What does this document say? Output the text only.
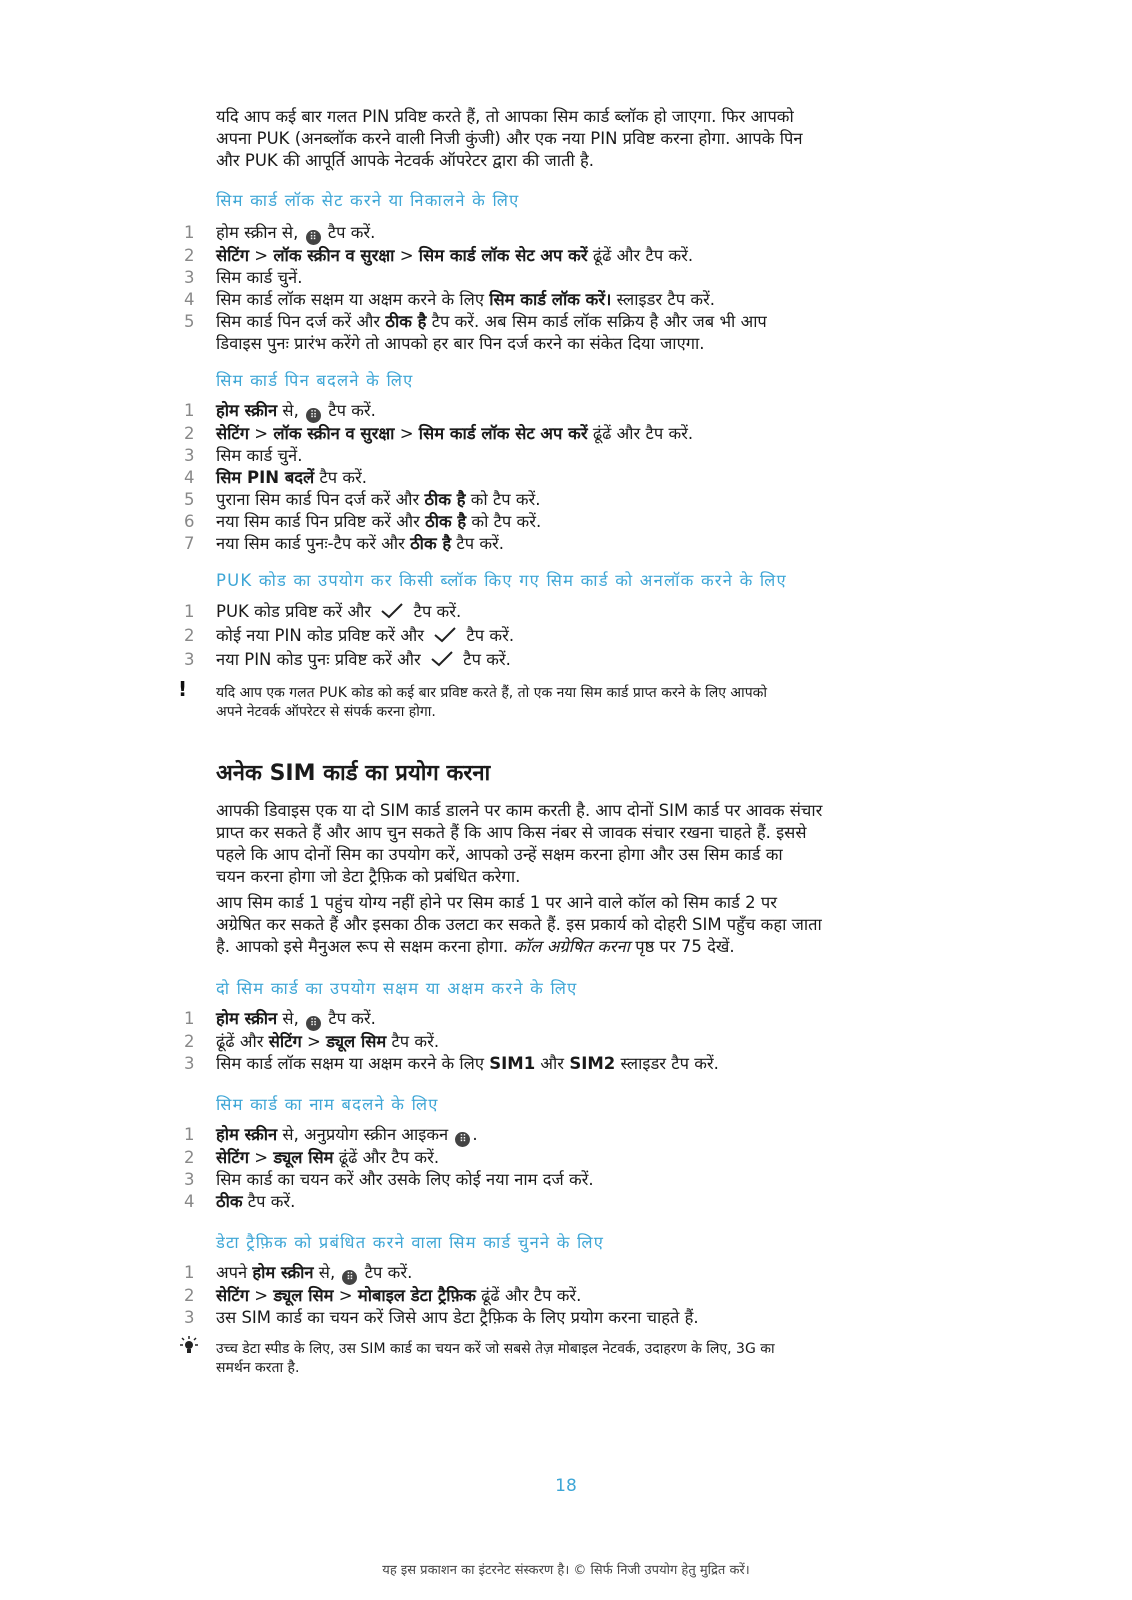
यदि आप कई बार गलत PIN प्रविष्ट करते हैं, तो आपका सिम कार्ड ब्लॉक हो जाएगा. फिर आपको

अपना PUK (अनब्लॉक करने वाली निजी कुंजी) और एक नया PIN प्रविष्ट करना होगा. आपके पिन

और PUK की आपूर्ति आपके नेटवर्क ऑपरेटर द्वारा की जाती है.

सिम कार्ड लॉक सेट करने या निकालने के लिए
1	होम स्क्रीन से, ⠿ टैप करें.
2	सेटिंग > लॉक स्क्रीन व सुरक्षा > सिम कार्ड लॉक सेट अप करें ढूंढें और टैप करें.
3	सिम कार्ड चुनें.
4	सिम कार्ड लॉक सक्षम या अक्षम करने के लिए सिम कार्ड लॉक करें। स्लाइडर टैप करें.
5	सिम कार्ड पिन दर्ज करें और ठीक है टैप करें. अब सिम कार्ड लॉक सक्रिय है और जब भी आप
डिवाइस पुनः प्रारंभ करेंगे तो आपको हर बार पिन दर्ज करने का संकेत दिया जाएगा.
सिम कार्ड पिन बदलने के लिए
1	होम स्क्रीन से, ⠿ टैप करें.
2	सेटिंग > लॉक स्क्रीन व सुरक्षा > सिम कार्ड लॉक सेट अप करें ढूंढें और टैप करें.
3	सिम कार्ड चुनें.
4	सिम PIN बदलें टैप करें.
5	पुराना सिम कार्ड पिन दर्ज करें और ठीक है को टैप करें.
6	नया सिम कार्ड पिन प्रविष्ट करें और ठीक है को टैप करें.
7	नया सिम कार्ड पुनः-टैप करें और ठीक है टैप करें.
PUK कोड का उपयोग कर किसी ब्लॉक किए गए सिम कार्ड को अनलॉक करने के लिए
1	PUK कोड प्रविष्ट करें और	टैप करें.
2	कोई नया PIN कोड प्रविष्ट करें और	टैप करें.
3	नया PIN कोड पुनः प्रविष्ट करें और	टैप करें.
! यदि आप एक गलत PUK कोड को कई बार प्रविष्ट करते हैं, तो एक नया सिम कार्ड प्राप्त करने के लिए आपको
अपने नेटवर्क ऑपरेटर से संपर्क करना होगा.
अनेक SIM कार्ड का प्रयोग करना

आपकी डिवाइस एक या दो SIM कार्ड डालने पर काम करती है. आप दोनों SIM कार्ड पर आवक संचार

प्राप्त कर सकते हैं और आप चुन सकते हैं कि आप किस नंबर से जावक संचार रखना चाहते हैं. इससे

पहले कि आप दोनों सिम का उपयोग करें, आपको उन्हें सक्षम करना होगा और उस सिम कार्ड का

चयन करना होगा जो डेटा ट्रैफ़िक को प्रबंधित करेगा.

आप सिम कार्ड 1 पहुंच योग्य नहीं होने पर सिम कार्ड 1 पर आने वाले कॉल को सिम कार्ड 2 पर

अग्रेषित कर सकते हैं और इसका ठीक उलटा कर सकते हैं. इस प्रकार्य को दोहरी SIM पहुँच कहा जाता

है. आपको इसे मैनुअल रूप से सक्षम करना होगा. कॉल अग्रेषित करना पृष्ठ पर 75 देखें.

दो सिम कार्ड का उपयोग सक्षम या अक्षम करने के लिए
1	होम स्क्रीन से, ⠿ टैप करें.
2	ढूंढें और सेटिंग > ड्यूल सिम टैप करें.
3	सिम कार्ड लॉक सक्षम या अक्षम करने के लिए SIM1 और SIM2 स्लाइडर टैप करें.
सिम कार्ड का नाम बदलने के लिए
1	होम स्क्रीन से, अनुप्रयोग स्क्रीन आइकन ⠿ .
2	सेटिंग > ड्यूल सिम ढूंढें और टैप करें.
3	सिम कार्ड का चयन करें और उसके लिए कोई नया नाम दर्ज करें.
4	ठीक टैप करें.
डेटा ट्रैफ़िक को प्रबंधित करने वाला सिम कार्ड चुनने के लिए
1	अपने होम स्क्रीन से, ⠿ टैप करें.
2	सेटिंग > ड्यूल सिम > मोबाइल डेटा ट्रैफ़िक ढूंढें और टैप करें.
3	उस SIM कार्ड का चयन करें जिसे आप डेटा ट्रैफ़िक के लिए प्रयोग करना चाहते हैं.
उच्च डेटा स्पीड के लिए, उस SIM कार्ड का चयन करें जो सबसे तेज़ मोबाइल नेटवर्क, उदाहरण के लिए, 3G का
समर्थन करता है.
18
यह इस प्रकाशन का इंटरनेट संस्करण है। © सिर्फ निजी उपयोग हेतु मुद्रित करें।
